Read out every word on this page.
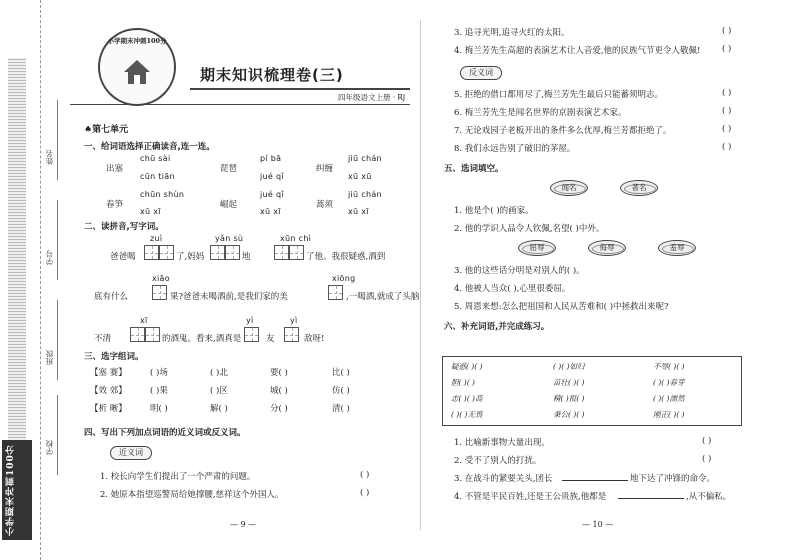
姓名
学号
班级
学校
小学期末冲刺100分
小学期末冲刺100分
期末知识梳理卷(三)
四年级语文上册 · RJ
♠第七单元
一、给词语选择正确读音,连一连。
chū sài	pí bā	jiū chán
出塞	琵琶	纠缠
cūn tiān	jué qǐ	xū xū
chūn shùn	jué qǐ	jiū chán
春笋	崛起	蒿须
xū xī	xū xī	xū xī
二、读拼音,写字词。
zuì	yǎn sù	xūn chì
爸爸喝	了,妈妈	地	了他。我很疑惑,酒到
xiāo	xiōng
底有什么	果?爸爸未喝酒前,是我们家的美	,一喝酒,就成了头脑
xī	yì	yì
不清	的酒鬼。看来,酒真是	友	敌呀!
三、选字组词。
【塞 赛】	( )场	( )北	要( )	比( )
【效 郊】	( )果	( )区	城( )	仿( )
【析 晰】	明( )	解( )	分( )	清( )
四、写出下列加点词语的近义词或反义词。
近义词
1. 校长向学生们提出了一个严肃的问题。	( )
2. 她原本指望巡警局给她撑腰,慈祥这个外国人。	( )
— 9 —
3. 追寻光明,追寻火红的太阳。	( )
4. 梅兰芳先生高超的表演艺术让人音爱,他的民族气节更令人敬佩!	( )
反义词
5. 拒绝的借口都用尽了,梅兰芳先生最后只能蓄须明志。	( )
6. 梅兰芳先生是闻名世界的京剧表演艺术家。	( )
7. 无论戏园子老板开出的条件多么优厚,梅兰芳都拒绝了。	( )
8. 我们永远告别了破旧的茅屋。	( )
五、选词填空。
闻名	著名
1. 他是个( )的画家。
2. 他的学识人品令人钦佩,名望( )中外。
屈辱	侮辱	羞辱
3. 他的这些话分明是对别人的( )。
4. 他被人当众( ),心里很委屈。
5. 周恩来想:怎么把祖国和人民从苦难和( )中拯救出来呢?
六、补充词语,并完成练习。
疑惑( )( )	( )( )如归	不辱( )( )
胆( )( )	苗壮( )( )	( )( )春芽
志( )( )高	精( )报( )	( )( )漂然
( )( )无畏	秉公( )( )	刚正( )( )
1. 比喻新事物大量出现。	( )
2. 受不了别人的打扰。	( )
3. 在战斗的紧要关头,团长	地下达了冲锋的命令。
4. 不管是平民百姓,还是王公贵族,他都是	,从不偏私。
— 10 —
